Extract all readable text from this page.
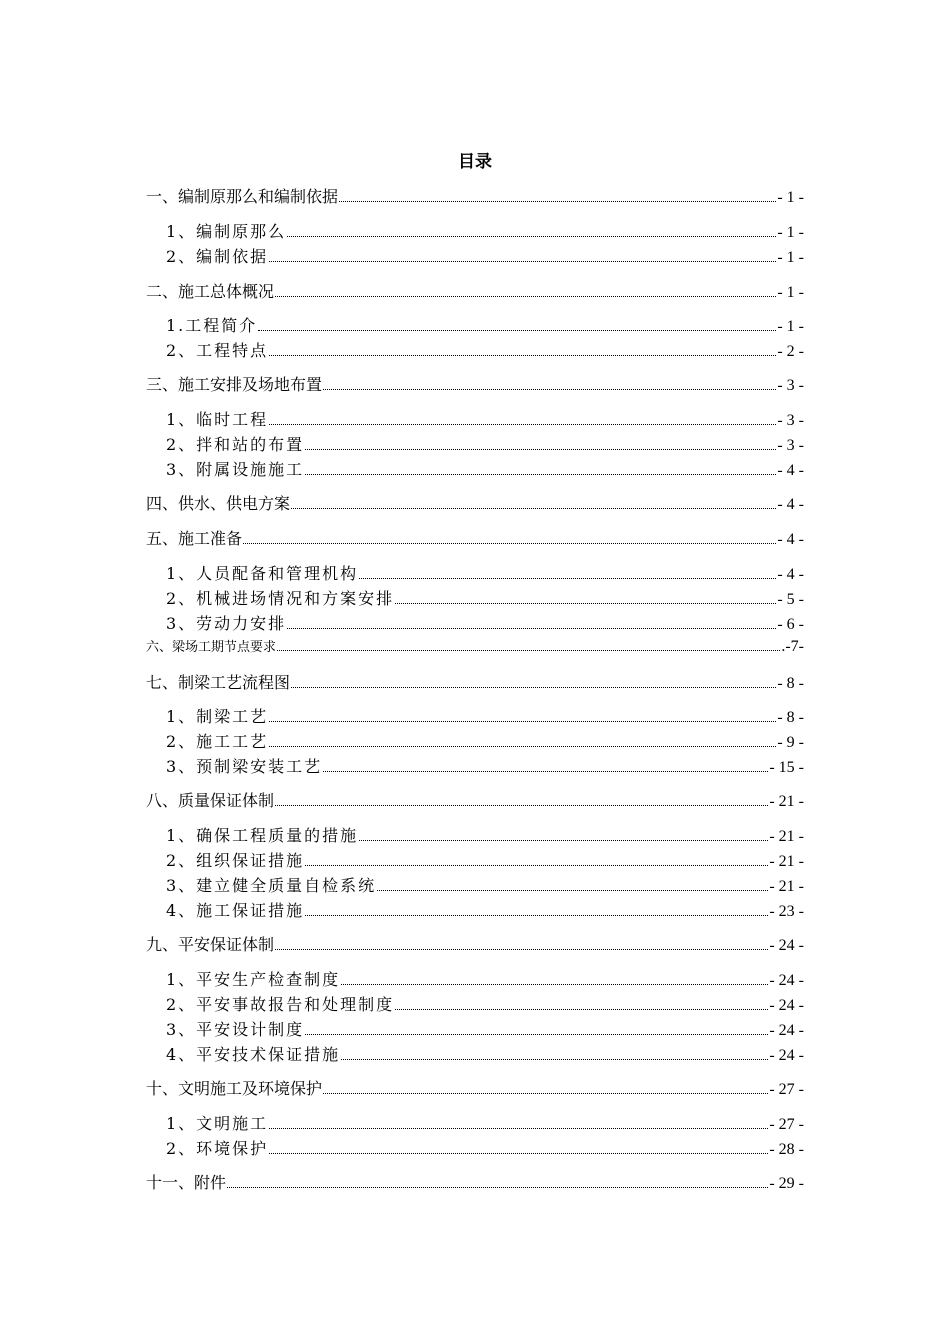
目录
一、编制原那么和编制依据	- 1 -
1、编制原那么	- 1 -
2、编制依据	- 1 -
二、施工总体概况	- 1 -
1.工程简介	- 1 -
2、工程特点	- 2 -
三、施工安排及场地布置	- 3 -
1、临时工程	- 3 -
2、拌和站的布置	- 3 -
3、附属设施施工	- 4 -
四、供水、供电方案	- 4 -
五、施工准备	- 4 -
1、人员配备和管理机构	- 4 -
2、机械进场情况和方案安排	- 5 -
3、劳动力安排	- 6 -
六、梁场工期节点要求	.-7-
七、制梁工艺流程图	- 8 -
1、制梁工艺	- 8 -
2、施工工艺	- 9 -
3、预制梁安装工艺	- 15 -
八、质量保证体制	- 21 -
1、确保工程质量的措施	- 21 -
2、组织保证措施	- 21 -
3、建立健全质量自检系统	- 21 -
4、施工保证措施	- 23 -
九、平安保证体制	- 24 -
1、平安生产检查制度	- 24 -
2、平安事故报告和处理制度	- 24 -
3、平安设计制度	- 24 -
4、平安技术保证措施	- 24 -
十、文明施工及环境保护	- 27 -
1、文明施工	- 27 -
2、环境保护	- 28 -
十一、附件	- 29 -
